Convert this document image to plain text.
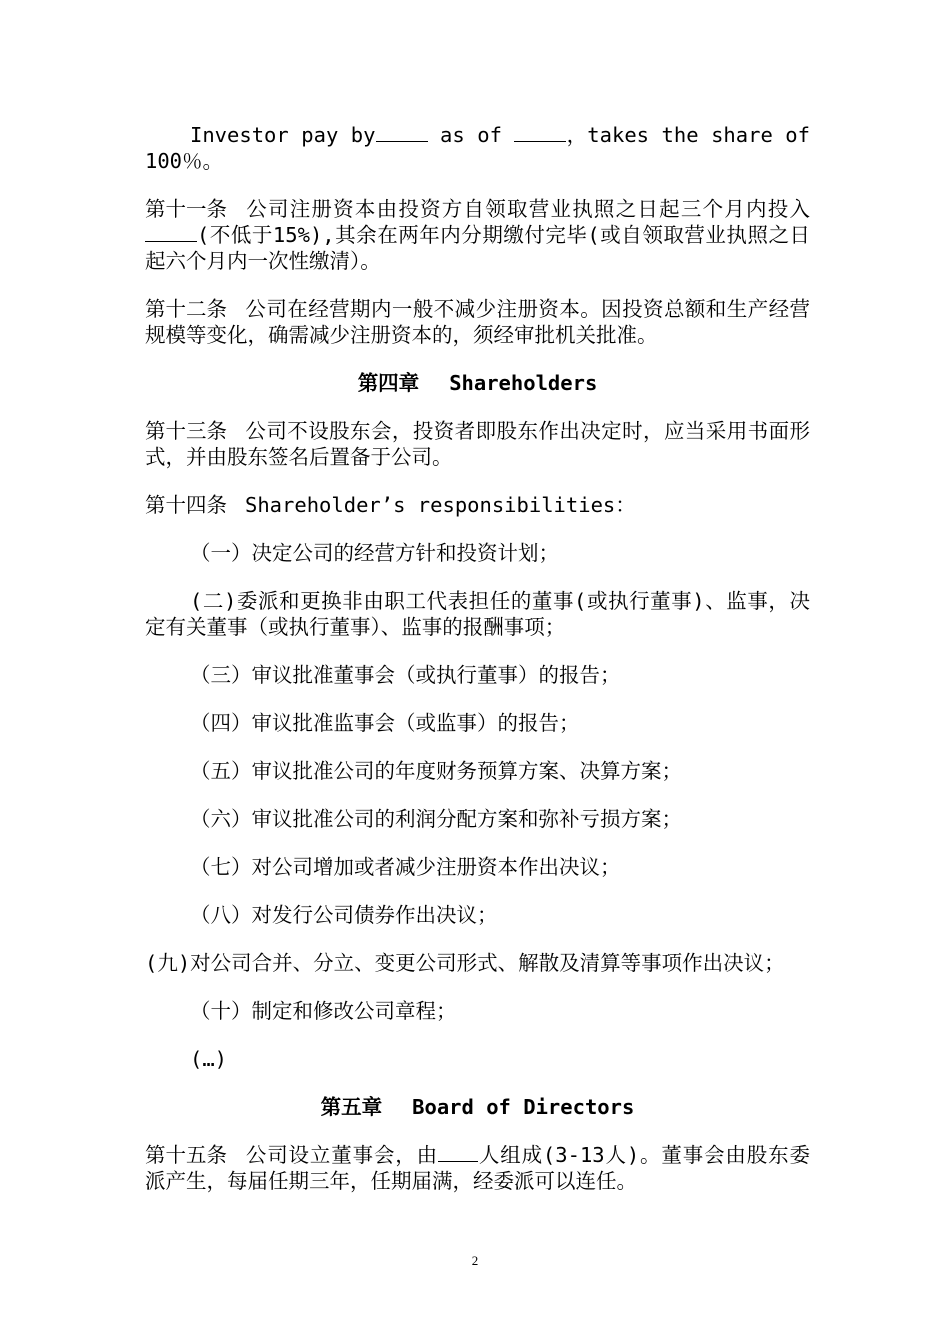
Investor pay by	as of	，takes the share of 100％。

第十一条 公司注册资本由投资方自领取营业执照之日起三个月内投入(不低于15%),其余在两年内分期缴付完毕(或自领取营业执照之日起六个月内一次性缴清）。

第十二条 公司在经营期内一般不减少注册资本。因投资总额和生产经营规模等变化，确需减少注册资本的，须经审批机关批准。

第四章 Shareholders

第十三条 公司不设股东会，投资者即股东作出决定时，应当采用书面形式，并由股东签名后置备于公司。

第十四条 Shareholder’s responsibilities：

（一）决定公司的经营方针和投资计划；

(二)委派和更换非由职工代表担任的董事(或执行董事)、监事，决定有关董事（或执行董事）、监事的报酬事项；

（三）审议批准董事会（或执行董事）的报告；

（四）审议批准监事会（或监事）的报告；

（五）审议批准公司的年度财务预算方案、决算方案；

（六）审议批准公司的利润分配方案和弥补亏损方案；

（七）对公司增加或者减少注册资本作出决议；

（八）对发行公司债券作出决议；

(九)对公司合并、分立、变更公司形式、解散及清算等事项作出决议；

（十）制定和修改公司章程；

(…)

第五章 Board of Directors

第十五条 公司设立董事会，由 人组成(3-13人)。董事会由股东委派产生，每届任期三年，任期届满，经委派可以连任。

2
